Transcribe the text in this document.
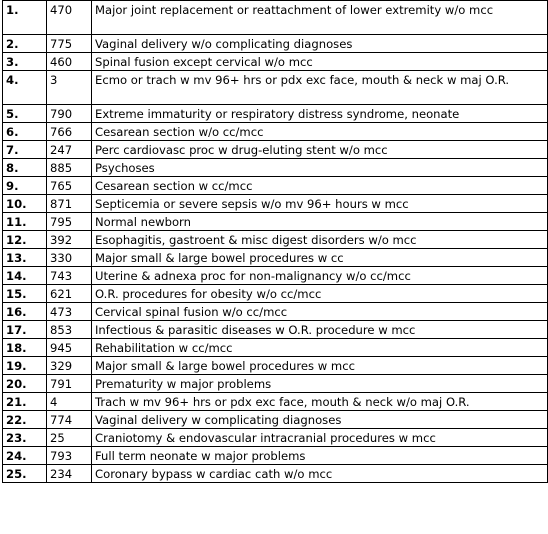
1.	470	Major joint replacement or reattachment of lower extremity w/o mcc
2.	775	Vaginal delivery w/o complicating diagnoses
3.	460	Spinal fusion except cervical w/o mcc
4.	3	Ecmo or trach w mv 96+ hrs or pdx exc face, mouth & neck w maj O.R.
5.	790	Extreme immaturity or respiratory distress syndrome, neonate
6.	766	Cesarean section w/o cc/mcc
7.	247	Perc cardiovasc proc w drug-eluting stent w/o mcc
8.	885	Psychoses
9.	765	Cesarean section w cc/mcc
10.	871	Septicemia or severe sepsis w/o mv 96+ hours w mcc
11.	795	Normal newborn
12.	392	Esophagitis, gastroent & misc digest disorders w/o mcc
13.	330	Major small & large bowel procedures w cc
14.	743	Uterine & adnexa proc for non-malignancy w/o cc/mcc
15.	621	O.R. procedures for obesity w/o cc/mcc
16.	473	Cervical spinal fusion w/o cc/mcc
17.	853	Infectious & parasitic diseases w O.R. procedure w mcc
18.	945	Rehabilitation w cc/mcc
19.	329	Major small & large bowel procedures w mcc
20.	791	Prematurity w major problems
21.	4	Trach w mv 96+ hrs or pdx exc face, mouth & neck w/o maj O.R.
22.	774	Vaginal delivery w complicating diagnoses
23.	25	Craniotomy & endovascular intracranial procedures w mcc
24.	793	Full term neonate w major problems
25.	234	Coronary bypass w cardiac cath w/o mcc
